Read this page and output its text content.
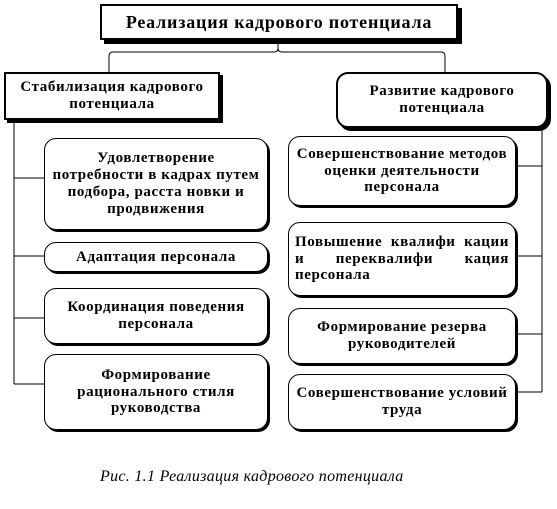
Реализация кадрового потенциала
Стабилизация кадрового потенциала
Развитие кадрового потенциала
Удовлетворение потребности в кадрах путем подбора, расста новки и продвижения
Адаптация персонала
Координация поведения персонала
Формирование рационального стиля руководства
Совершенствование методов оценки деятельности персонала
Повышение квалифи кации и переквалифи кация персонала
Формирование резерва руководителей
Совершенствование условий труда
Рис. 1.1 Реализация кадрового потенциала
